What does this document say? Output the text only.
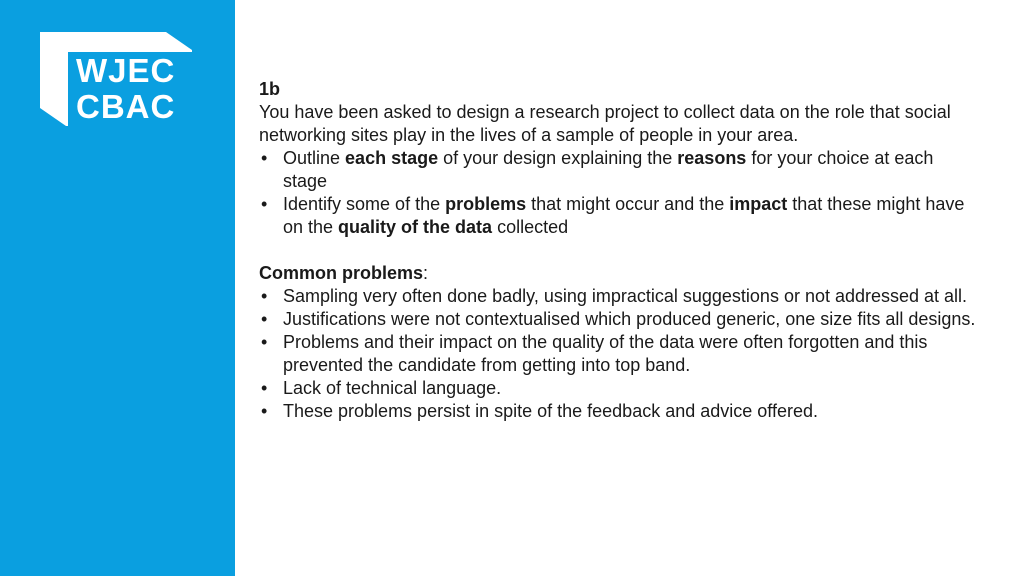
WJEC
CBAC	1b

You have been asked to design a research project to collect data on the role that social networking sites play in the lives of a sample of people in your area.

• Outline each stage of your design explaining the reasons for your choice at each stage
• Identify some of the problems that might occur and the impact that these might have on the quality of the data collected

Common problems:

• Sampling very often done badly, using impractical suggestions or not addressed at all.
• Justifications were not contextualised which produced generic, one size fits all designs.
• Problems and their impact on the quality of the data were often forgotten and this prevented the candidate from getting into top band.
• Lack of technical language.
• These problems persist in spite of the feedback and advice offered.
